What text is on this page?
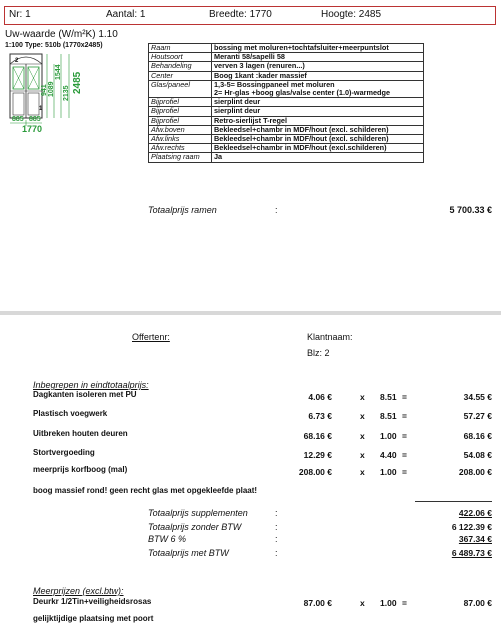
Nr: 1	Aantal: 1	Breedte: 1770	Hoogte: 2485
Uw-waarde (W/m²K) 1.10
1:100 Type: 510b (1770x2485)
2
1
941 1089
1544
2135 2485
885 885
1770
Raam	bossing met moluren+tochtafsluiter+meerpuntslot
Houtsoort	Meranti 58/sapelli 58
Behandeling	verven 3 lagen (renuren...)
Center	Boog 1kant :kader massief
Glas/paneel	1,3-5= Bossingpaneel met moluren
2= Hr-glas +boog glas/valse center (1.0)-warmedge

Bijprofiel	sierplint deur
Bijprofiel	sierplint deur
Bijprofiel	Retro-sierlijst T-regel
Afw.boven	Bekleedsel+chambr in MDF/hout (excl. schilderen)
Afw.links	Bekleedsel+chambr in MDF/hout (excl. schilderen)
Afw.rechts	Bekleedsel+chambr in MDF/hout (excl.schilderen)
Plaatsing raam	Ja
Totaalprijs ramen	:	5 700.33 €
Offertenr:	Klantnaam:
Blz: 2
Inbegrepen in eindtotaalprijs:
Dagkanten isoleren met PU	4.06 €	x 8.51 =	34.55 €
Plastisch voegwerk	6.73 €	x 8.51 =	57.27 €
Uitbreken houten deuren	68.16 €	x 1.00 =	68.16 €
Stortvergoeding	12.29 €	x 4.40 =	54.08 €
meerprijs korfboog (mal)	208.00 €	x 1.00 =	208.00 €
boog massief rond! geen recht glas met opgekleefde plaat!
Totaalprijs supplementen	:	422.06 €
Totaalprijs zonder BTW	:	6 122.39 €
BTW 6 %	:	367.34 €
Totaalprijs met BTW	:	6 489.73 €
Meerprijzen (excl.btw):
Deurkr 1/2Tin+veiligheidsrosas	87.00 €	x 1.00 =	87.00 €
gelijktijdige plaatsing met poort
